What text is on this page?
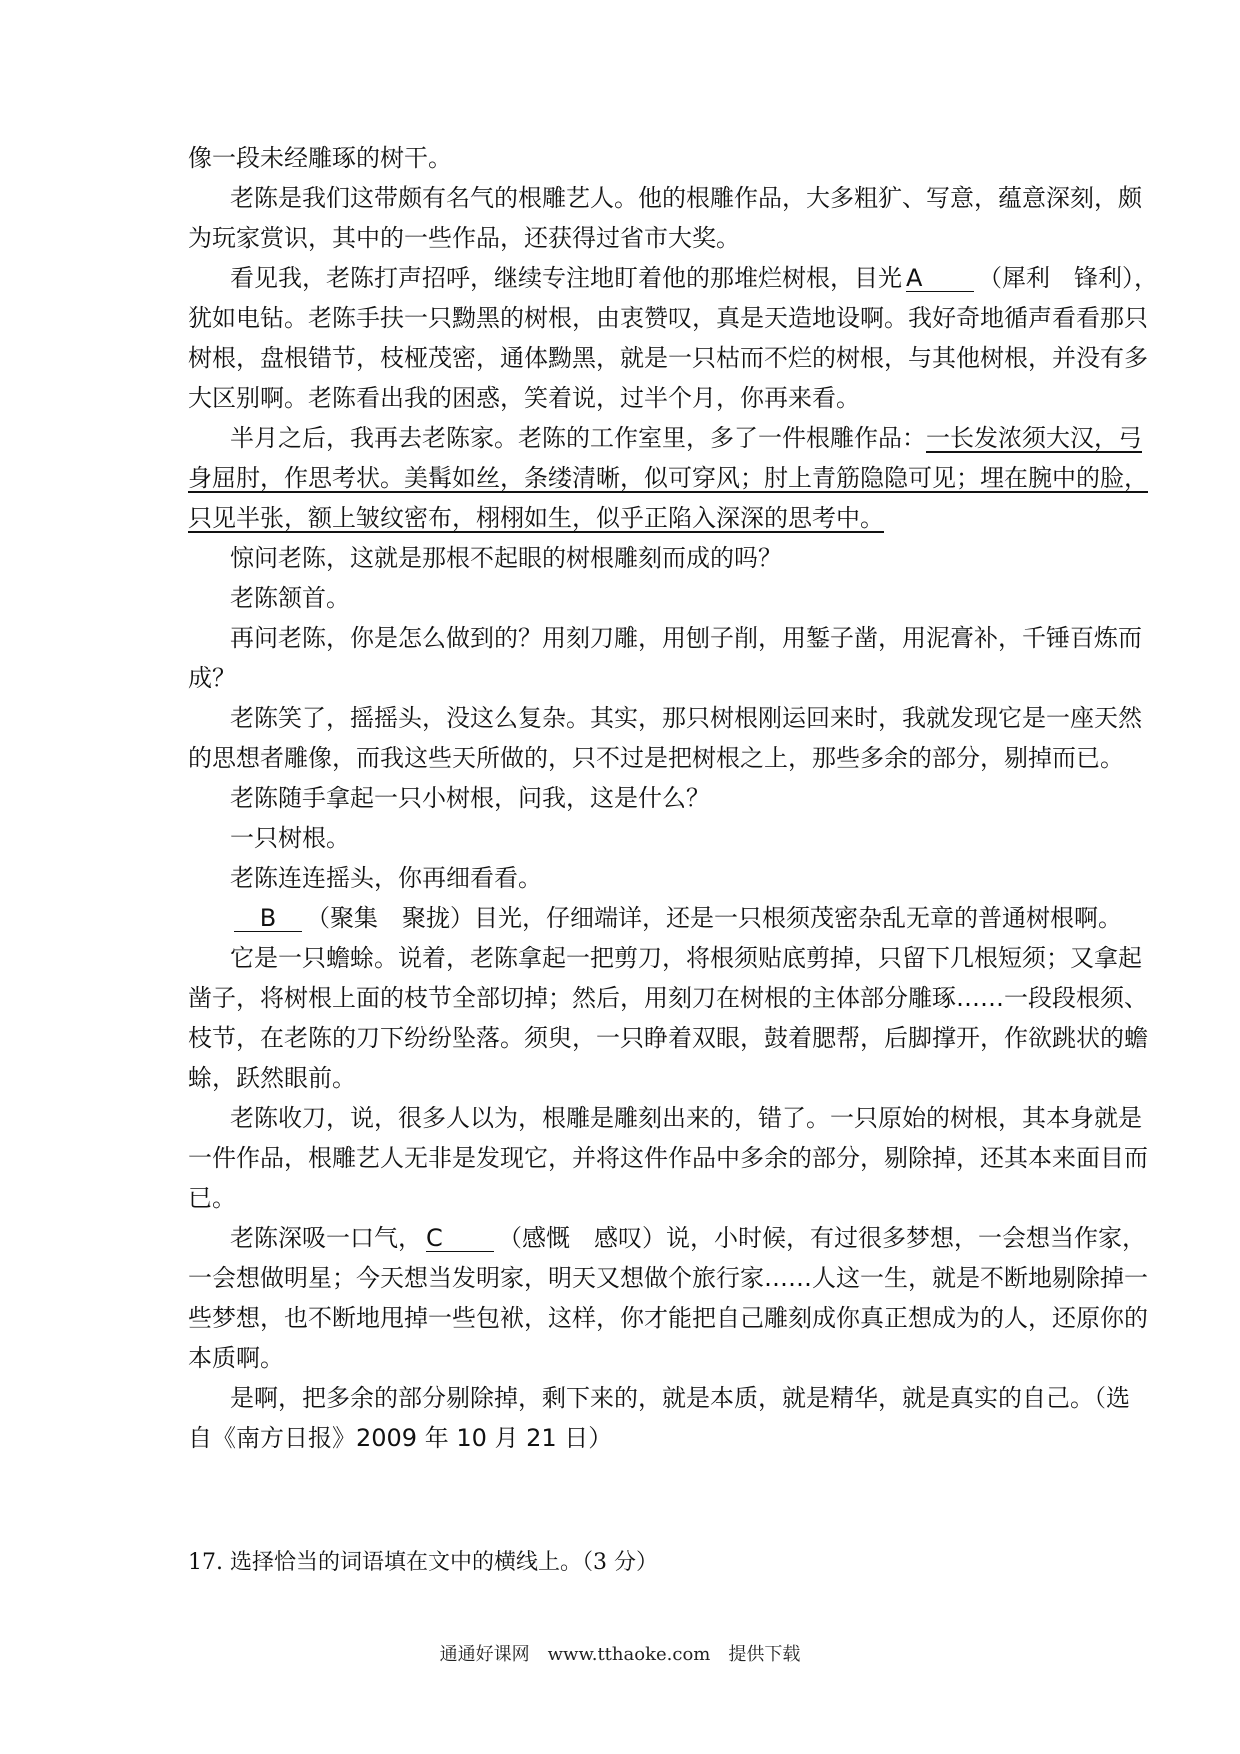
像一段未经雕琢的树干。

老陈是我们这带颇有名气的根雕艺人。他的根雕作品，大多粗犷、写意，蕴意深刻，颇

为玩家赏识，其中的一些作品，还获得过省市大奖。

看见我，老陈打声招呼，继续专注地盯着他的那堆烂树根，目光 A （犀利　锋利），

犹如电钻。老陈手扶一只黝黑的树根，由衷赞叹，真是天造地设啊。我好奇地循声看看那只

树根，盘根错节，枝桠茂密，通体黝黑，就是一只枯而不烂的树根，与其他树根，并没有多

大区别啊。老陈看出我的困惑，笑着说，过半个月，你再来看。

半月之后，我再去老陈家。老陈的工作室里，多了一件根雕作品：一长发浓须大汉，弓

身屈肘，作思考状。美髯如丝，条缕清晰，似可穿风；肘上青筋隐隐可见；埋在腕中的脸，

只见半张，额上皱纹密布，栩栩如生，似乎正陷入深深的思考中。

惊问老陈，这就是那根不起眼的树根雕刻而成的吗？

老陈颔首。

再问老陈，你是怎么做到的？用刻刀雕，用刨子削，用錾子凿，用泥膏补，千锤百炼而

成？

老陈笑了，摇摇头，没这么复杂。其实，那只树根刚运回来时，我就发现它是一座天然

的思想者雕像，而我这些天所做的，只不过是把树根之上，那些多余的部分，剔掉而已。

老陈随手拿起一只小树根，问我，这是什么？

一只树根。

老陈连连摇头，你再细看看。

B （聚集　聚拢）目光，仔细端详，还是一只根须茂密杂乱无章的普通树根啊。

它是一只蟾蜍。说着，老陈拿起一把剪刀，将根须贴底剪掉，只留下几根短须；又拿起

凿子，将树根上面的枝节全部切掉；然后，用刻刀在树根的主体部分雕琢……一段段根须、

枝节，在老陈的刀下纷纷坠落。须臾，一只睁着双眼，鼓着腮帮，后脚撑开，作欲跳状的蟾

蜍，跃然眼前。

老陈收刀，说，很多人以为，根雕是雕刻出来的，错了。一只原始的树根，其本身就是

一件作品，根雕艺人无非是发现它，并将这件作品中多余的部分，剔除掉，还其本来面目而

已。

老陈深吸一口气， C （感慨　感叹）说，小时候，有过很多梦想，一会想当作家，

一会想做明星；今天想当发明家，明天又想做个旅行家……人这一生，就是不断地剔除掉一

些梦想，也不断地甩掉一些包袱，这样，你才能把自己雕刻成你真正想成为的人，还原你的

本质啊。

是啊，把多余的部分剔除掉，剩下来的，就是本质，就是精华，就是真实的自己。（选

自《南方日报》2009 年 10 月 21 日）

17. 选择恰当的词语填在文中的横线上。（3 分）
通通好课网　www.tthaoke.com　提供下载
